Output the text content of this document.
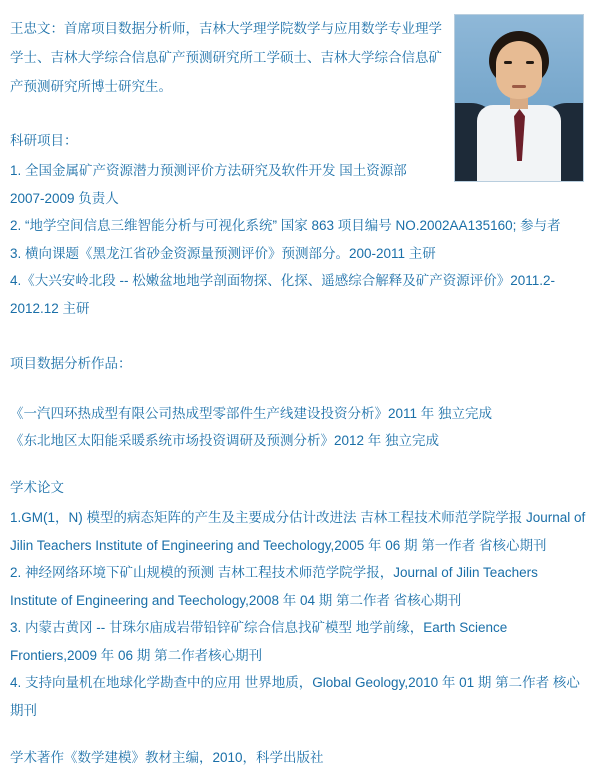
王忠文：首席项目数据分析师，吉林大学理学院数学与应用数学专业理学学士、吉林大学综合信息矿产预测研究所工学硕士、吉林大学综合信息矿产预测研究所博士研究生。

科研项目：

1. 全国金属矿产资源潜力预测评价方法研究及软件开发 国土资源部 2007-2009 负责人

2. “地学空间信息三维智能分析与可视化系统” 国家 863 项目编号 NO.2002AA135160; 参与者

3. 横向课题《黑龙江省砂金资源量预测评价》预测部分。200-2011 主研

4.《大兴安岭北段 -- 松嫩盆地地学剖面物探、化探、遥感综合解释及矿产资源评价》2011.2-2012.12 主研

项目数据分析作品：

《一汽四环热成型有限公司热成型零部件生产线建设投资分析》2011 年 独立完成

《东北地区太阳能采暖系统市场投资调研及预测分析》2012 年 独立完成

学术论文

1.GM(1，N) 模型的病态矩阵的产生及主要成分估计改进法 吉林工程技术师范学院学报 Journal of Jilin Teachers Institute of Engineering and Teechology,2005 年 06 期 第一作者 省核心期刊

2. 神经网络环境下矿山规模的预测 吉林工程技术师范学院学报，Journal of Jilin Teachers Institute of Engineering and Teechology,2008 年 04 期 第二作者 省核心期刊

3. 内蒙古黄冈 -- 甘珠尔庙成岩带铅锌矿综合信息找矿模型 地学前缘，Earth Science Frontiers,2009 年 06 期 第二作者核心期刊

4. 支持向量机在地球化学勘查中的应用 世界地质，Global Geology,2010 年 01 期 第二作者 核心期刊

学术著作《数学建模》教材主编，2010，科学出版社
